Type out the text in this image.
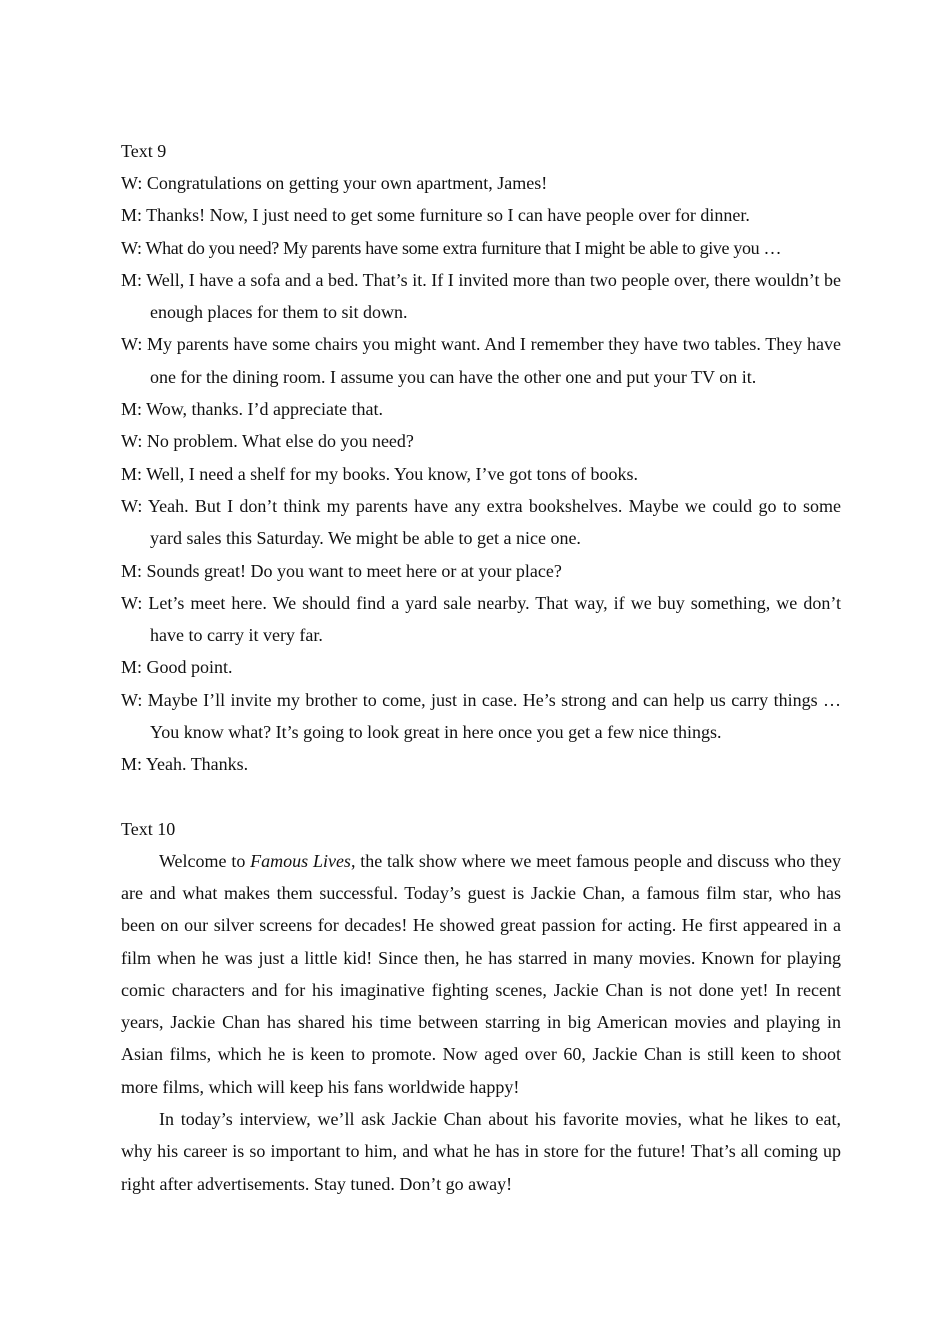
Text 9
W: Congratulations on getting your own apartment, James!
M: Thanks! Now, I just need to get some furniture so I can have people over for dinner.
W: What do you need? My parents have some extra furniture that I might be able to give you …
M: Well, I have a sofa and a bed. That’s it. If I invited more than two people over, there wouldn’t be enough places for them to sit down.
W: My parents have some chairs you might want. And I remember they have two tables. They have one for the dining room. I assume you can have the other one and put your TV on it.
M: Wow, thanks. I’d appreciate that.
W: No problem. What else do you need?
M: Well, I need a shelf for my books. You know, I’ve got tons of books.
W: Yeah. But I don’t think my parents have any extra bookshelves. Maybe we could go to some yard sales this Saturday. We might be able to get a nice one.
M: Sounds great! Do you want to meet here or at your place?
W: Let’s meet here. We should find a yard sale nearby. That way, if we buy something, we don’t have to carry it very far.
M: Good point.
W: Maybe I’ll invite my brother to come, just in case. He’s strong and can help us carry things … You know what? It’s going to look great in here once you get a few nice things.
M: Yeah. Thanks.
Text 10
Welcome to Famous Lives, the talk show where we meet famous people and discuss who they are and what makes them successful. Today’s guest is Jackie Chan, a famous film star, who has been on our silver screens for decades! He showed great passion for acting. He first appeared in a film when he was just a little kid! Since then, he has starred in many movies. Known for playing comic characters and for his imaginative fighting scenes, Jackie Chan is not done yet! In recent years, Jackie Chan has shared his time between starring in big American movies and playing in Asian films, which he is keen to promote. Now aged over 60, Jackie Chan is still keen to shoot more films, which will keep his fans worldwide happy!
In today’s interview, we’ll ask Jackie Chan about his favorite movies, what he likes to eat, why his career is so important to him, and what he has in store for the future! That’s all coming up right after advertisements. Stay tuned. Don’t go away!
